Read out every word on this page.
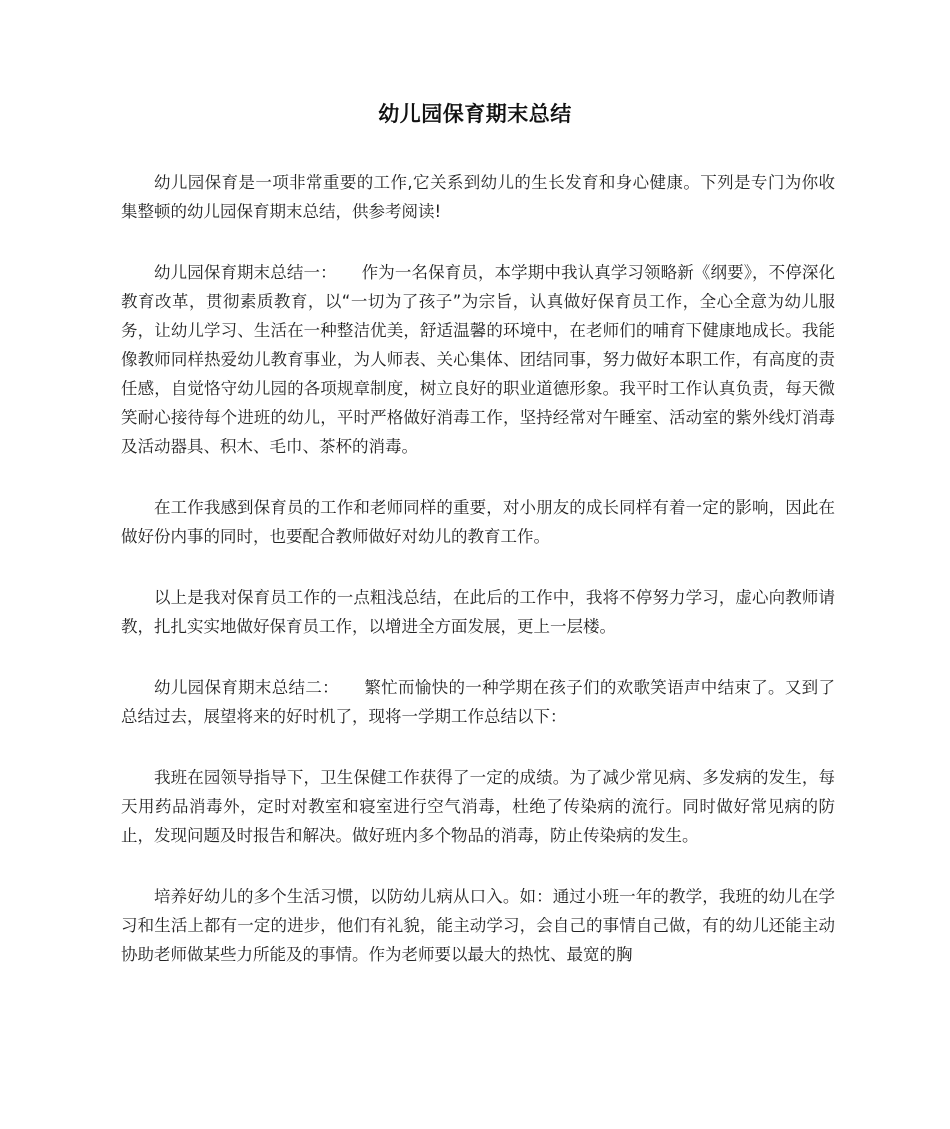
幼儿园保育期末总结

幼儿园保育是一项非常重要的工作,它关系到幼儿的生长发育和身心健康。下列是专门为你收集整顿的幼儿园保育期末总结，供参考阅读!

幼儿园保育期末总结一：　　作为一名保育员，本学期中我认真学习领略新《纲要》，不停深化教育改革，贯彻素质教育，以“一切为了孩子”为宗旨，认真做好保育员工作，全心全意为幼儿服务，让幼儿学习、生活在一种整洁优美，舒适温馨的环境中，在老师们的哺育下健康地成长。我能像教师同样热爱幼儿教育事业，为人师表、关心集体、团结同事，努力做好本职工作，有高度的责任感，自觉恪守幼儿园的各项规章制度，树立良好的职业道德形象。我平时工作认真负责，每天微笑耐心接待每个进班的幼儿，平时严格做好消毒工作，坚持经常对午睡室、活动室的紫外线灯消毒及活动器具、积木、毛巾、茶杯的消毒。

在工作我感到保育员的工作和老师同样的重要，对小朋友的成长同样有着一定的影响，因此在做好份内事的同时，也要配合教师做好对幼儿的教育工作。

以上是我对保育员工作的一点粗浅总结，在此后的工作中，我将不停努力学习，虚心向教师请教，扎扎实实地做好保育员工作，以增进全方面发展，更上一层楼。

幼儿园保育期末总结二：　　繁忙而愉快的一种学期在孩子们的欢歌笑语声中结束了。又到了总结过去，展望将来的好时机了，现将一学期工作总结以下：

我班在园领导指导下，卫生保健工作获得了一定的成绩。为了减少常见病、多发病的发生，每天用药品消毒外，定时对教室和寝室进行空气消毒，杜绝了传染病的流行。同时做好常见病的防止，发现问题及时报告和解决。做好班内多个物品的消毒，防止传染病的发生。

培养好幼儿的多个生活习惯，以防幼儿病从口入。如：通过小班一年的教学，我班的幼儿在学习和生活上都有一定的进步，他们有礼貌，能主动学习，会自己的事情自己做，有的幼儿还能主动协助老师做某些力所能及的事情。作为老师要以最大的热忱、最宽的胸
